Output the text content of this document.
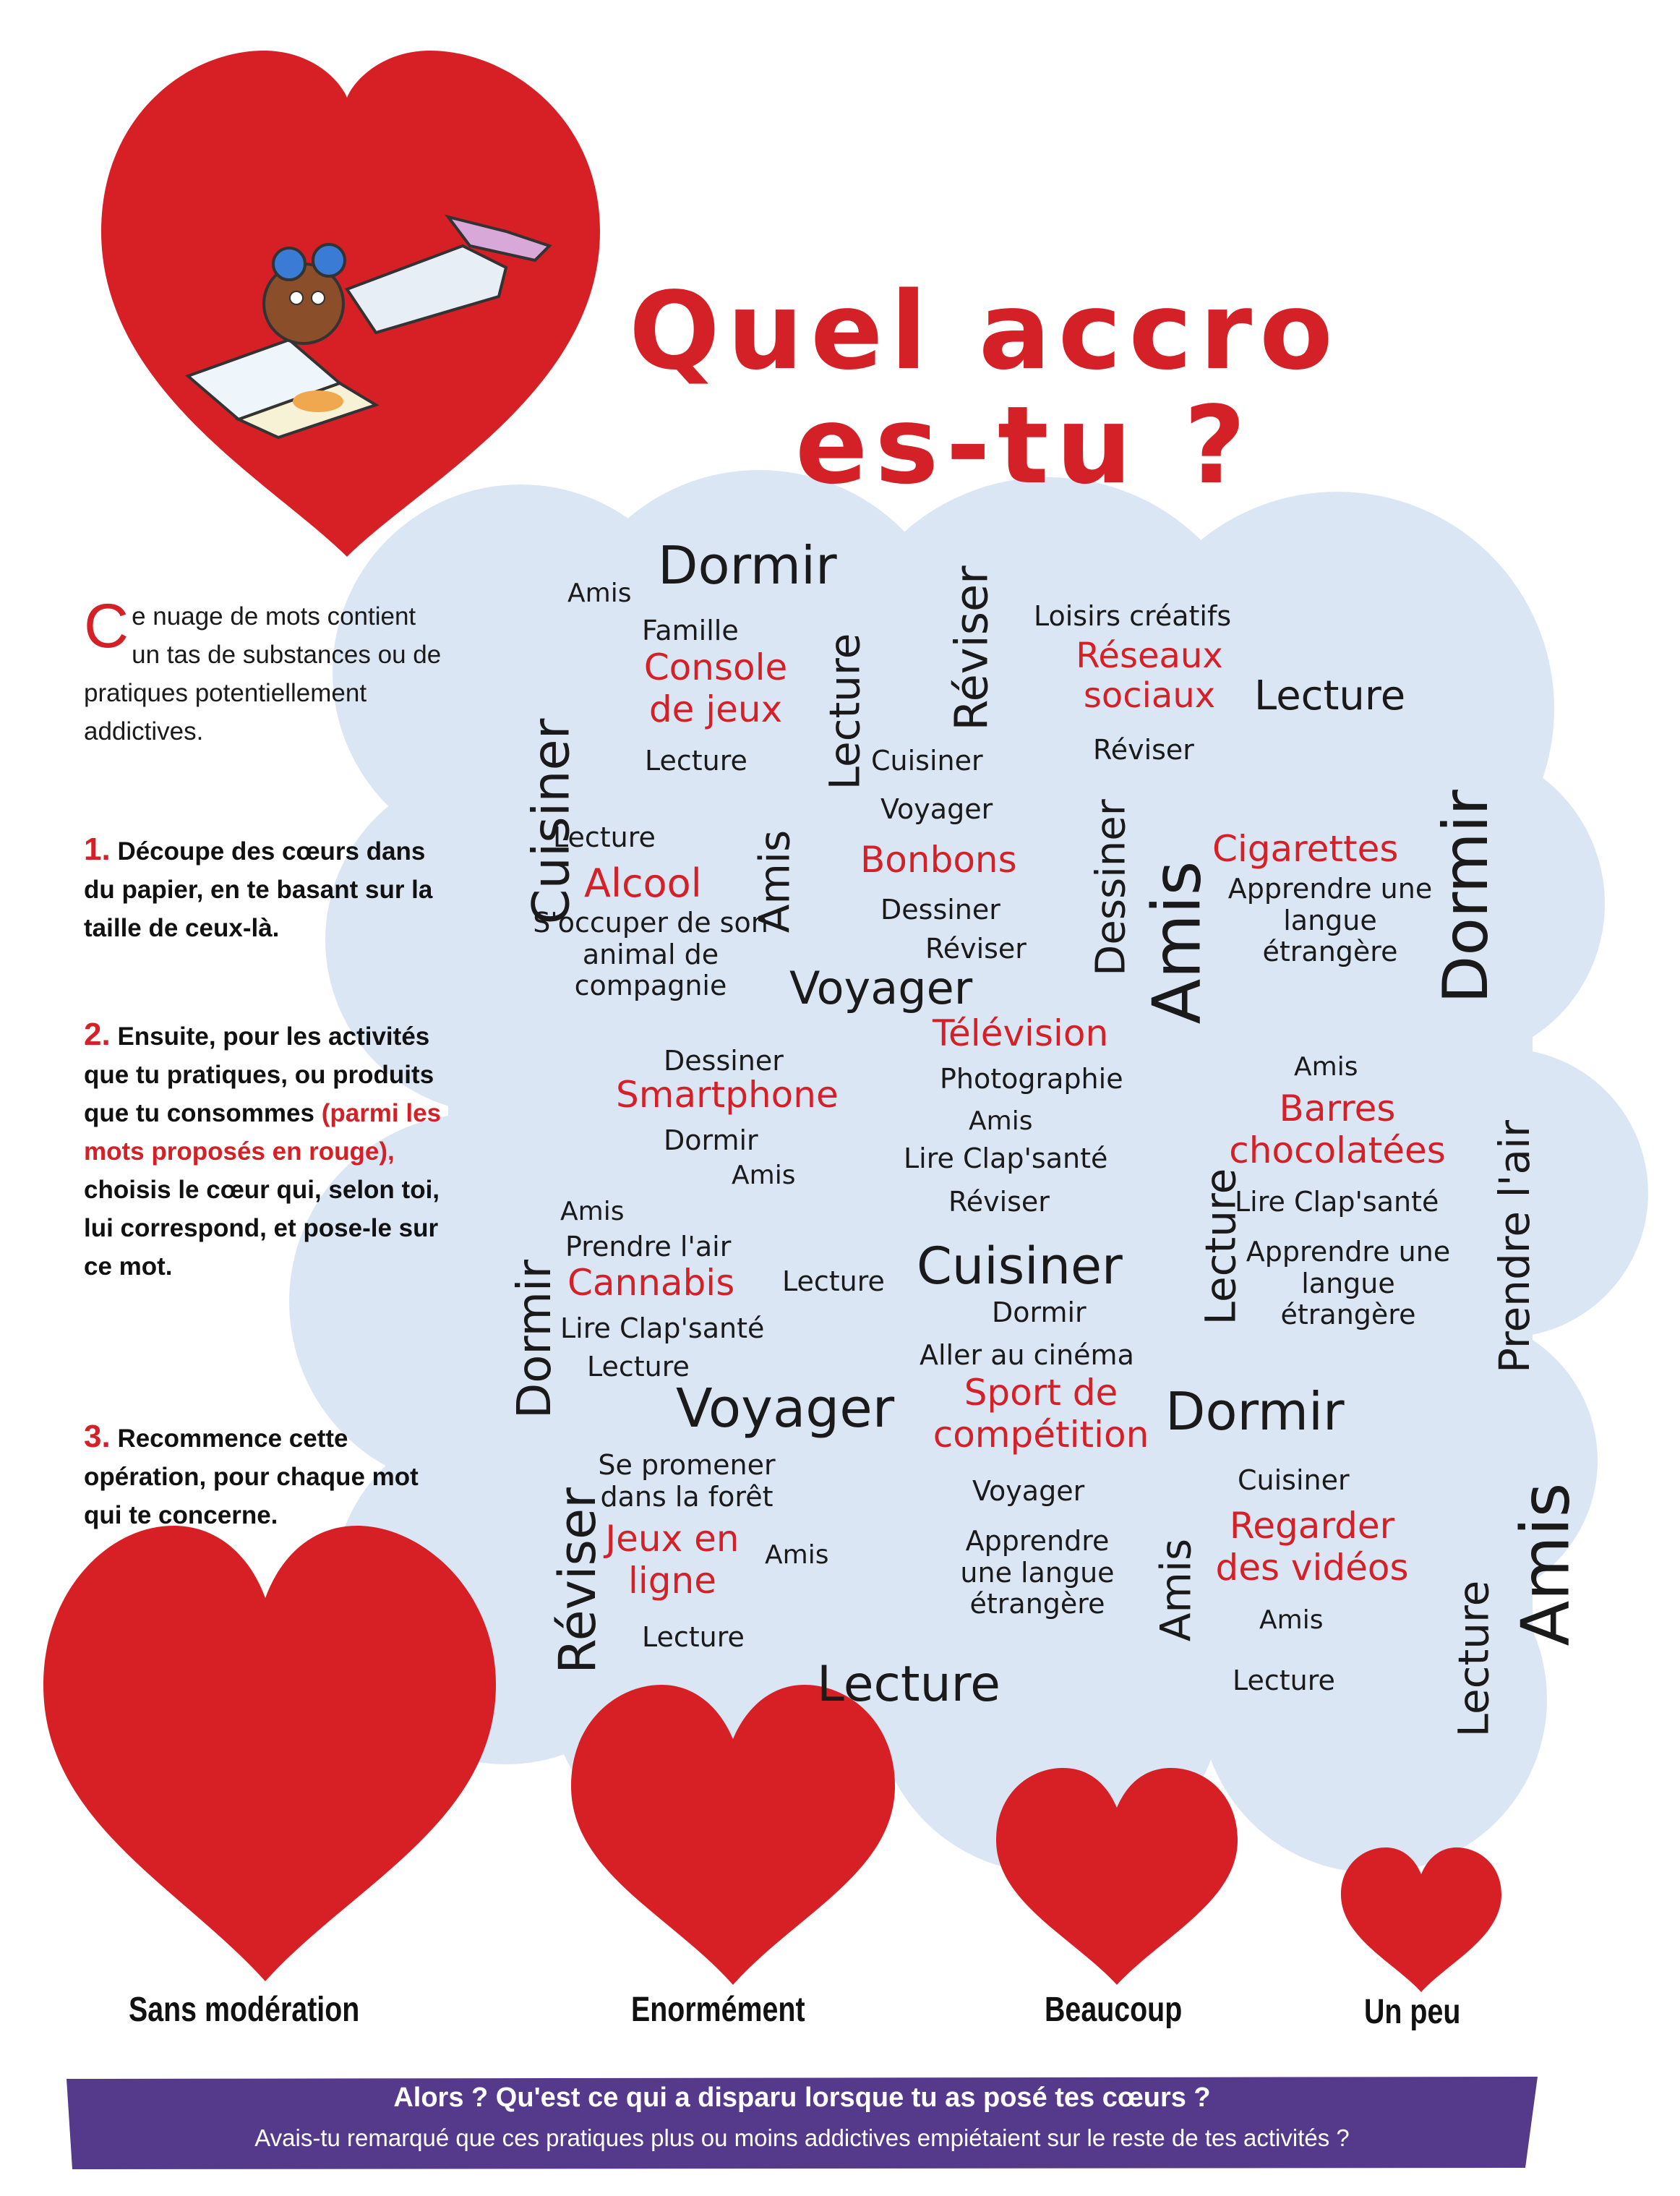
Quel accro
es-tu ?
Ce nuage de mots contient un tas de substances ou de pratiques potentiellement addictives.
1. Découpe des cœurs dans du papier, en te basant sur la taille de ceux-là.
2. Ensuite, pour les activités que tu pratiques, ou produits que tu consommes (parmi les mots proposés en rouge), choisis le cœur qui, selon toi, lui correspond, et pose-le sur ce mot.
3. Recommence cette opération, pour chaque mot qui te concerne.
Dormir
Amis
Famille
Console de jeux
Lecture Lecture Réviser Loisirs créatifs
Réseaux sociaux Lecture
Réviser
Cuisiner
Cuisiner	Dormir
Voyager
Lecture Amis Bonbons Dessiner Amis
Cigarettes
Apprendre une langue étrangère
Alcool
S'occuper de son animal de compagnie
Dessiner
Réviser
Voyager
Télévision
Dessiner
Smartphone	Photographie	Amis
Barres chocolatées Prendre l'air
Amis
Dormir
Lire Clap'santé
Amis
Réviser	Lecture
Lire Clap'santé
Dormir
Amis
Prendre l'air
Cannabis Lecture Cuisiner	Apprendre une langue étrangère
Dormir
Lire Clap'santé
Lecture	Aller au cinéma
Voyager	Sport de compétition Dormir
Amis
Réviser
Se promener dans la forêt	Voyager	Cuisiner
Jeux en ligne
Amis	Apprendre une langue étrangère	Amis
Regarder des vidéos
Amis	Lecture
Lecture
Lecture	Lecture
Sans modération	Enormément	Beaucoup	Un peu
Alors ? Qu'est ce qui a disparu lorsque tu as posé tes cœurs ?
Avais-tu remarqué que ces pratiques plus ou moins addictives empiétaient sur le reste de tes activités ?
